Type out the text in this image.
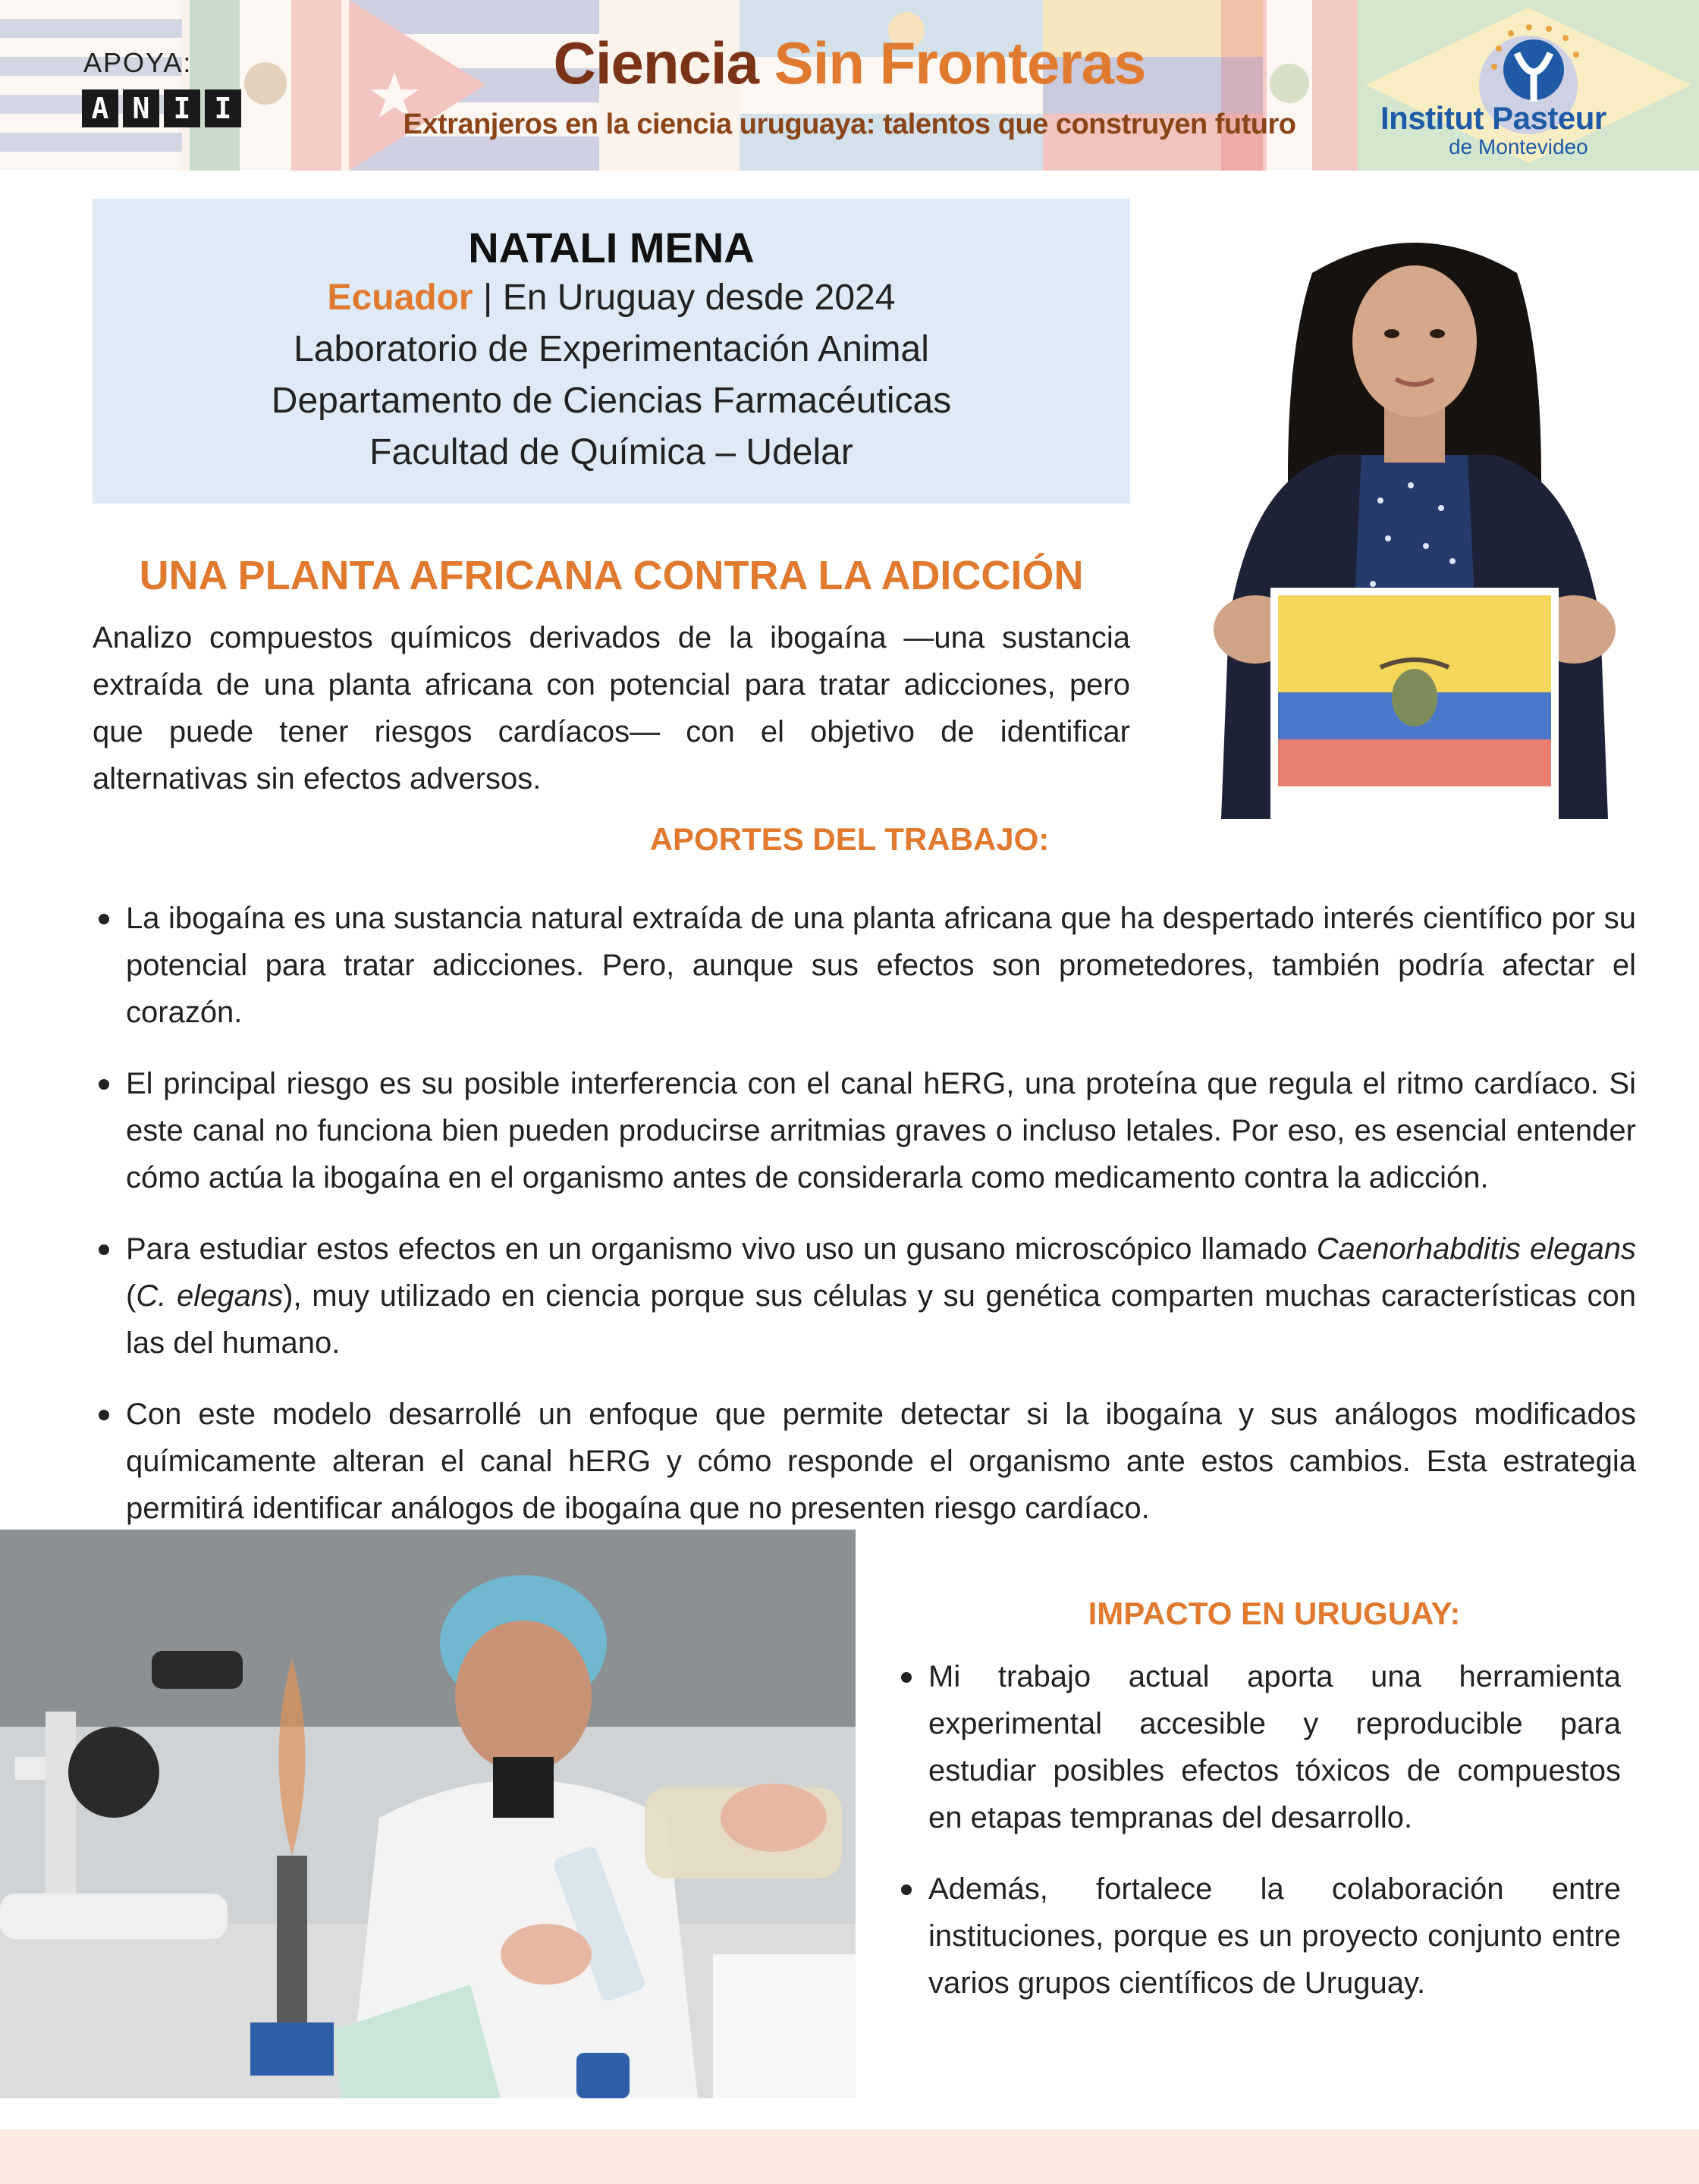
APOYA:
A N I I
Ciencia Sin Fronteras
Extranjeros en la ciencia uruguaya: talentos que construyen futuro	Institut Pasteur
de Montevideo
NATALI MENA
Ecuador | En Uruguay desde 2024
Laboratorio de Experimentación Animal
Departamento de Ciencias Farmacéuticas
Facultad de Química – Udelar
UNA PLANTA AFRICANA CONTRA LA ADICCIÓN
Analizo compuestos químicos derivados de la ibogaína —una sustancia extraída de una planta africana con potencial para tratar adicciones, pero que puede tener riesgos cardíacos— con el objetivo de identificar alternativas sin efectos adversos.
APORTES DEL TRABAJO:
La ibogaína es una sustancia natural extraída de una planta africana que ha despertado interés científico por su potencial para tratar adicciones. Pero, aunque sus efectos son prometedores, también podría afectar el corazón.
El principal riesgo es su posible interferencia con el canal hERG, una proteína que regula el ritmo cardíaco. Si este canal no funciona bien pueden producirse arritmias graves o incluso letales. Por eso, es esencial entender cómo actúa la ibogaína en el organismo antes de considerarla como medicamento contra la adicción.
Para estudiar estos efectos en un organismo vivo uso un gusano microscópico llamado Caenorhabditis elegans (C. elegans), muy utilizado en ciencia porque sus células y su genética comparten muchas características con las del humano.
Con este modelo desarrollé un enfoque que permite detectar si la ibogaína y sus análogos modificados químicamente alteran el canal hERG y cómo responde el organismo ante estos cambios. Esta estrategia permitirá identificar análogos de ibogaína que no presenten riesgo cardíaco.
IMPACTO EN URUGUAY:
Mi trabajo actual aporta una herramienta experimental accesible y reproducible para estudiar posibles efectos tóxicos de compuestos en etapas tempranas del desarrollo.
Además, fortalece la colaboración entre instituciones, porque es un proyecto conjunto entre varios grupos científicos de Uruguay.
